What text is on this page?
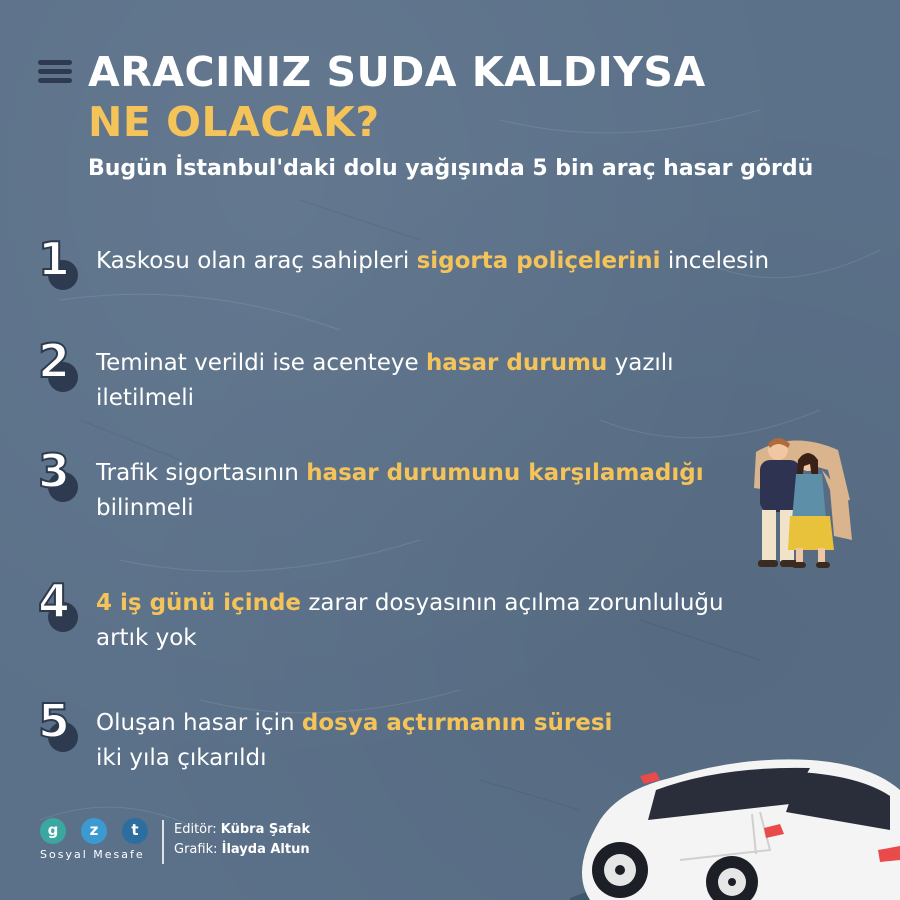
ARACINIZ SUDA KALDIYSA
NE OLACAK?
Bugün İstanbul'daki dolu yağışında 5 bin araç hasar gördü
1 Kaskosu olan araç sahipleri sigorta poliçelerini incelesin
2 Teminat verildi ise acenteye hasar durumu yazılı iletilmeli
3 Trafik sigortasının hasar durumunu karşılamadığı bilinmeli
4 4 iş günü içinde zarar dosyasının açılma zorunluluğu artık yok
5 Oluşan hasar için dosya açtırmanın süresi iki yıla çıkarıldı
g z t
Sosyal Mesafe
Editör: Kübra Şafak
Grafik: İlayda Altun
